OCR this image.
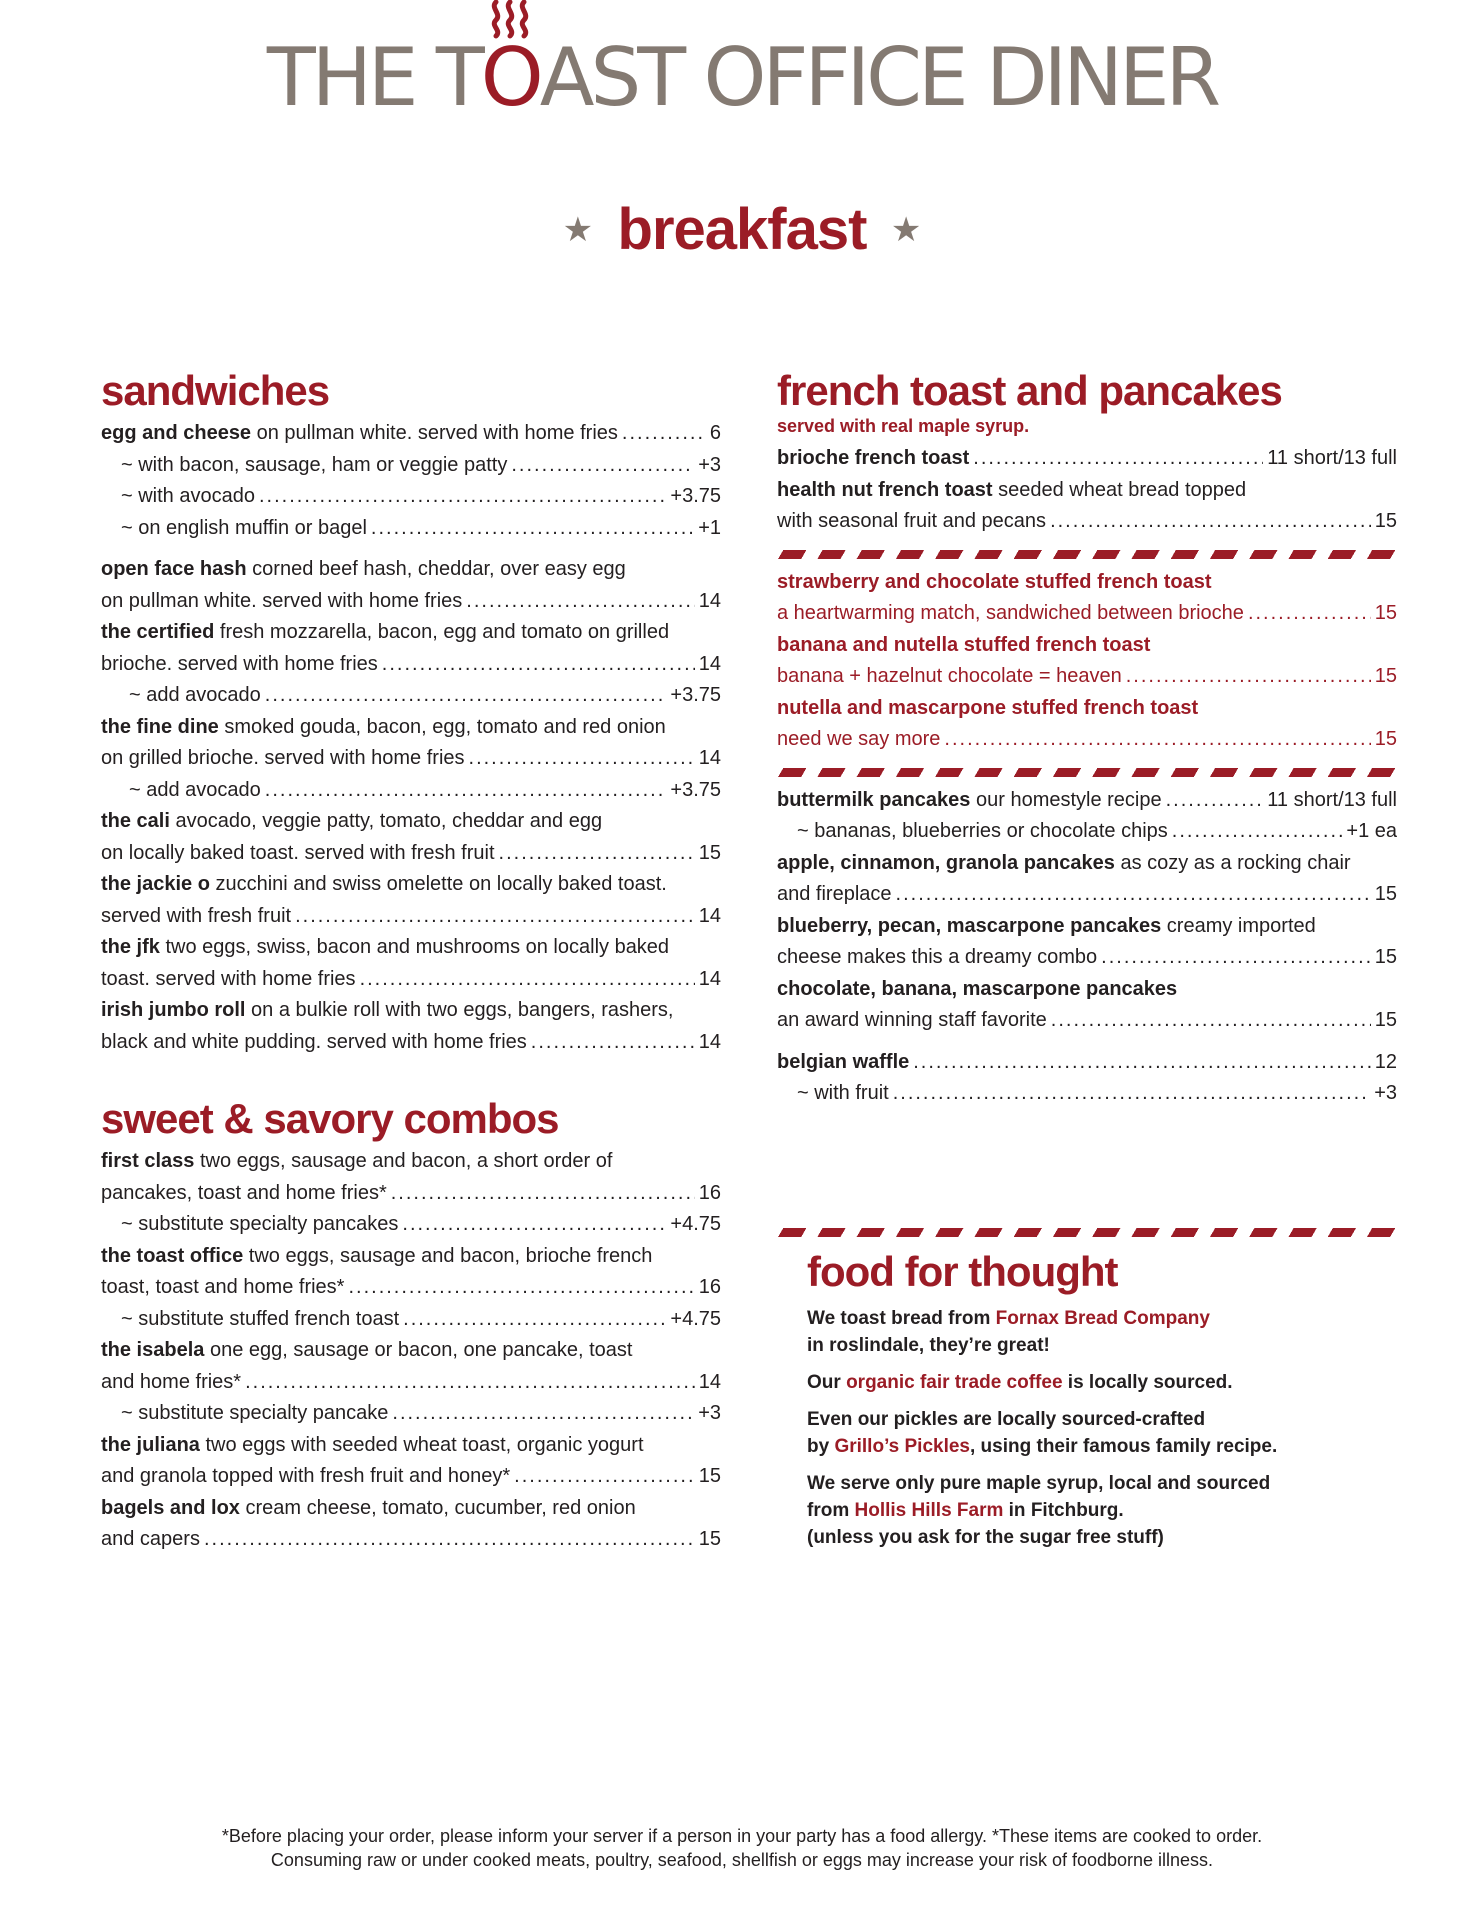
THE T
OAST OFFICE DINER
★ breakfast ★
sandwiches
egg and cheese on pullman white. served with home fries .....	6
~ with bacon, sausage, ham or veggie patty .....	+3
~ with avocado .....	+3.75
~ on english muffin or bagel .....	+1
open face hash corned beef hash, cheddar, over easy egg
on pullman white. served with home fries .....	14
the certified fresh mozzarella, bacon, egg and tomato on grilled
brioche. served with home fries .....	14
~ add avocado .....	+3.75
the fine dine smoked gouda, bacon, egg, tomato and red onion
on grilled brioche. served with home fries .....	14
~ add avocado .....	+3.75
the cali avocado, veggie patty, tomato, cheddar and egg
on locally baked toast. served with fresh fruit .....	15
the jackie o zucchini and swiss omelette on locally baked toast.
served with fresh fruit .....	14
the jfk two eggs, swiss, bacon and mushrooms on locally baked
toast. served with home fries .....	14
irish jumbo roll on a bulkie roll with two eggs, bangers, rashers,
black and white pudding. served with home fries .....	14
sweet & savory combos
first class two eggs, sausage and bacon, a short order of
pancakes, toast and home fries* .....	16
~ substitute specialty pancakes .....	+4.75
the toast office two eggs, sausage and bacon, brioche french
toast, toast and home fries* .....	16
~ substitute stuffed french toast .....	+4.75
the isabela one egg, sausage or bacon, one pancake, toast
and home fries* .....	14
~ substitute specialty pancake .....	+3
the juliana two eggs with seeded wheat toast, organic yogurt
and granola topped with fresh fruit and honey* .....	15
bagels and lox cream cheese, tomato, cucumber, red onion
and capers .....	15
french toast and pancakes
served with real maple syrup.
brioche french toast .....	11 short/13 full
health nut french toast seeded wheat bread topped
with seasonal fruit and pecans .....	15
strawberry and chocolate stuffed french toast
a heartwarming match, sandwiched between brioche .....	15
banana and nutella stuffed french toast
banana + hazelnut chocolate = heaven .....	15
nutella and mascarpone stuffed french toast
need we say more .....	15
buttermilk pancakes our homestyle recipe .....	11 short/13 full
~ bananas, blueberries or chocolate chips .....	+1 ea
apple, cinnamon, granola pancakes as cozy as a rocking chair
and fireplace .....	15
blueberry, pecan, mascarpone pancakes creamy imported
cheese makes this a dreamy combo .....	15
chocolate, banana, mascarpone pancakes
an award winning staff favorite .....	15
belgian waffle .....	12
~ with fruit .....	+3
food for thought
We toast bread from Fornax Bread Company
in roslindale, they’re great!
Our organic fair trade coffee is locally sourced.
Even our pickles are locally sourced-crafted
by Grillo’s Pickles, using their famous family recipe.
We serve only pure maple syrup, local and sourced
from Hollis Hills Farm in Fitchburg.
(unless you ask for the sugar free stuff)
*Before placing your order, please inform your server if a person in your party has a food allergy. *These items are cooked to order.
Consuming raw or under cooked meats, poultry, seafood, shellfish or eggs may increase your risk of foodborne illness.
